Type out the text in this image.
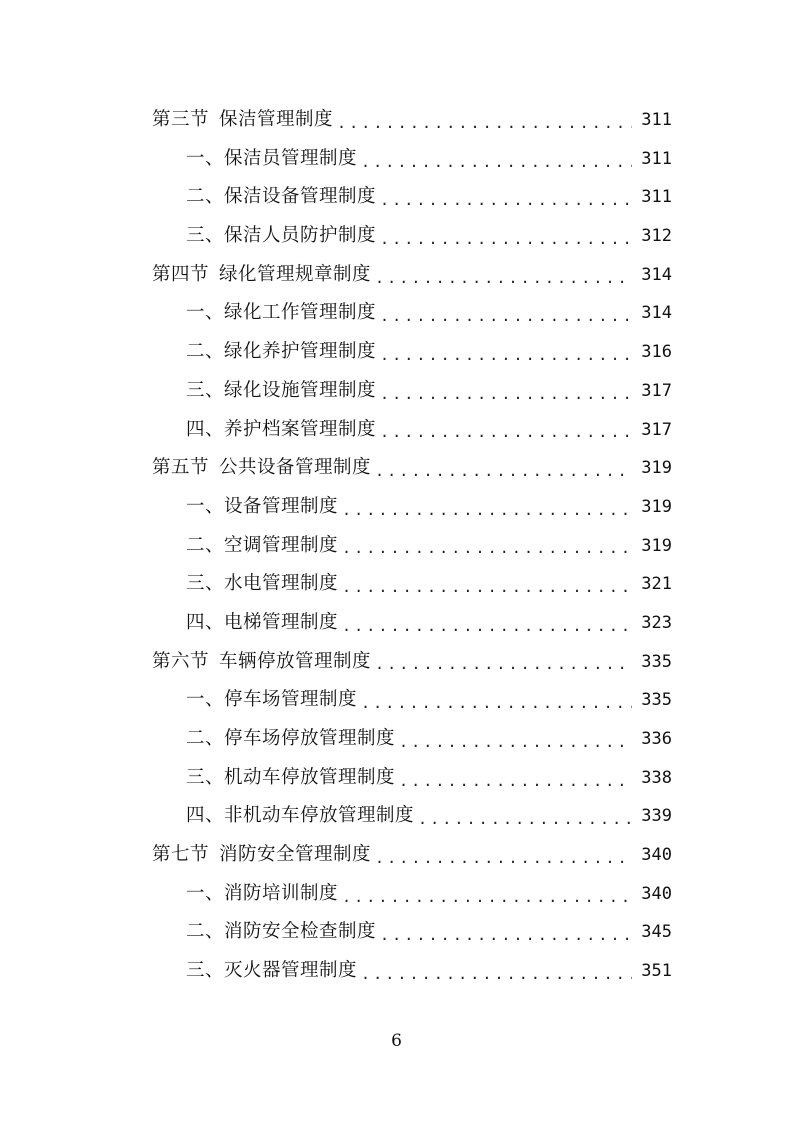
第三节 保洁管理制度 .....	311
一、保洁员管理制度 .....	311
二、保洁设备管理制度 .....	311
三、保洁人员防护制度 .....	312
第四节 绿化管理规章制度 .....	314
一、绿化工作管理制度 .....	314
二、绿化养护管理制度 .....	316
三、绿化设施管理制度 .....	317
四、养护档案管理制度 .....	317
第五节 公共设备管理制度 .....	319
一、设备管理制度 .....	319
二、空调管理制度 .....	319
三、水电管理制度 .....	321
四、电梯管理制度 .....	323
第六节 车辆停放管理制度 .....	335
一、停车场管理制度 .....	335
二、停车场停放管理制度 .....	336
三、机动车停放管理制度 .....	338
四、非机动车停放管理制度 .....	339
第七节 消防安全管理制度 .....	340
一、消防培训制度 .....	340
二、消防安全检查制度 .....	345
三、灭火器管理制度 .....	351
6
